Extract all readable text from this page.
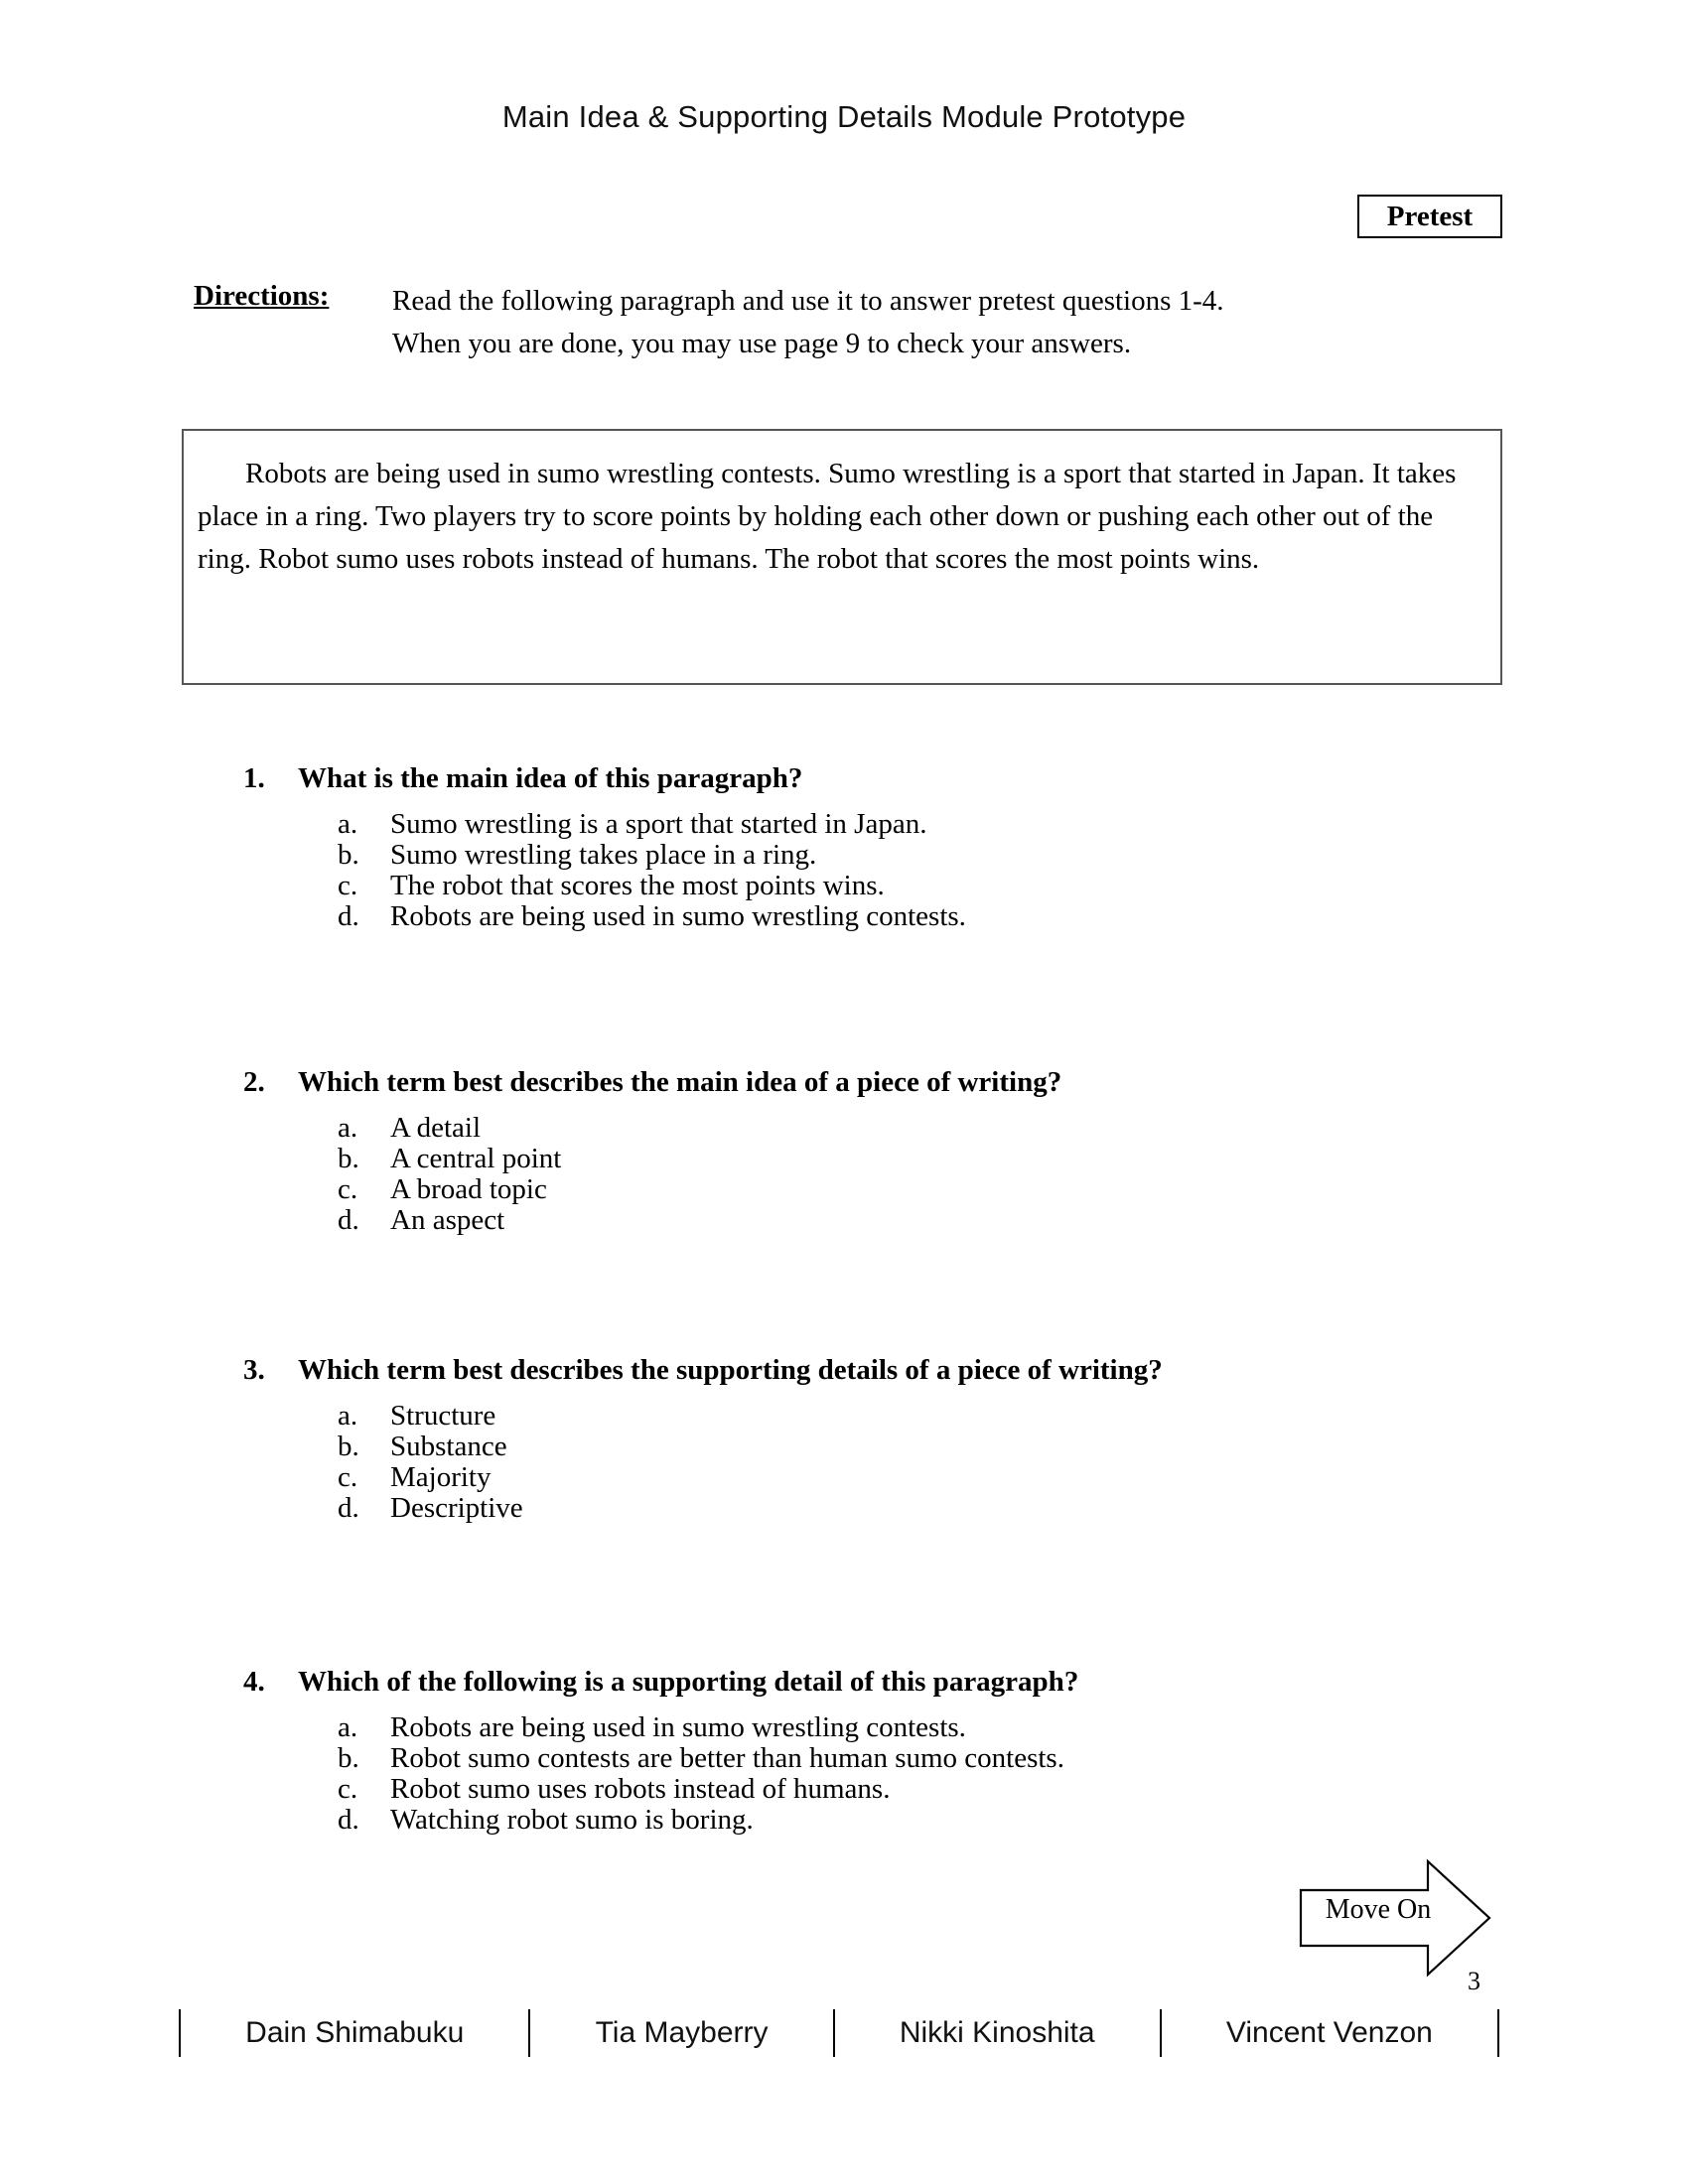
Main Idea & Supporting Details Module Prototype
Pretest
Directions: Read the following paragraph and use it to answer pretest questions 1-4.
When you are done, you may use page 9 to check your answers.
Robots are being used in sumo wrestling contests. Sumo wrestling is a sport that started in Japan. It takes place in a ring. Two players try to score points by holding each other down or pushing each other out of the ring. Robot sumo uses robots instead of humans. The robot that scores the most points wins.
1. What is the main idea of this paragraph?
a. Sumo wrestling is a sport that started in Japan.
b. Sumo wrestling takes place in a ring.
c. The robot that scores the most points wins.
d. Robots are being used in sumo wrestling contests.
2. Which term best describes the main idea of a piece of writing?
a. A detail
b. A central point
c. A broad topic
d. An aspect
3. Which term best describes the supporting details of a piece of writing?
a. Structure
b. Substance
c. Majority
d. Descriptive
4. Which of the following is a supporting detail of this paragraph?
a. Robots are being used in sumo wrestling contests.
b. Robot sumo contests are better than human sumo contests.
c. Robot sumo uses robots instead of humans.
d. Watching robot sumo is boring.
Move On
3
Dain Shimabuku	Tia Mayberry	Nikki Kinoshita	Vincent Venzon
